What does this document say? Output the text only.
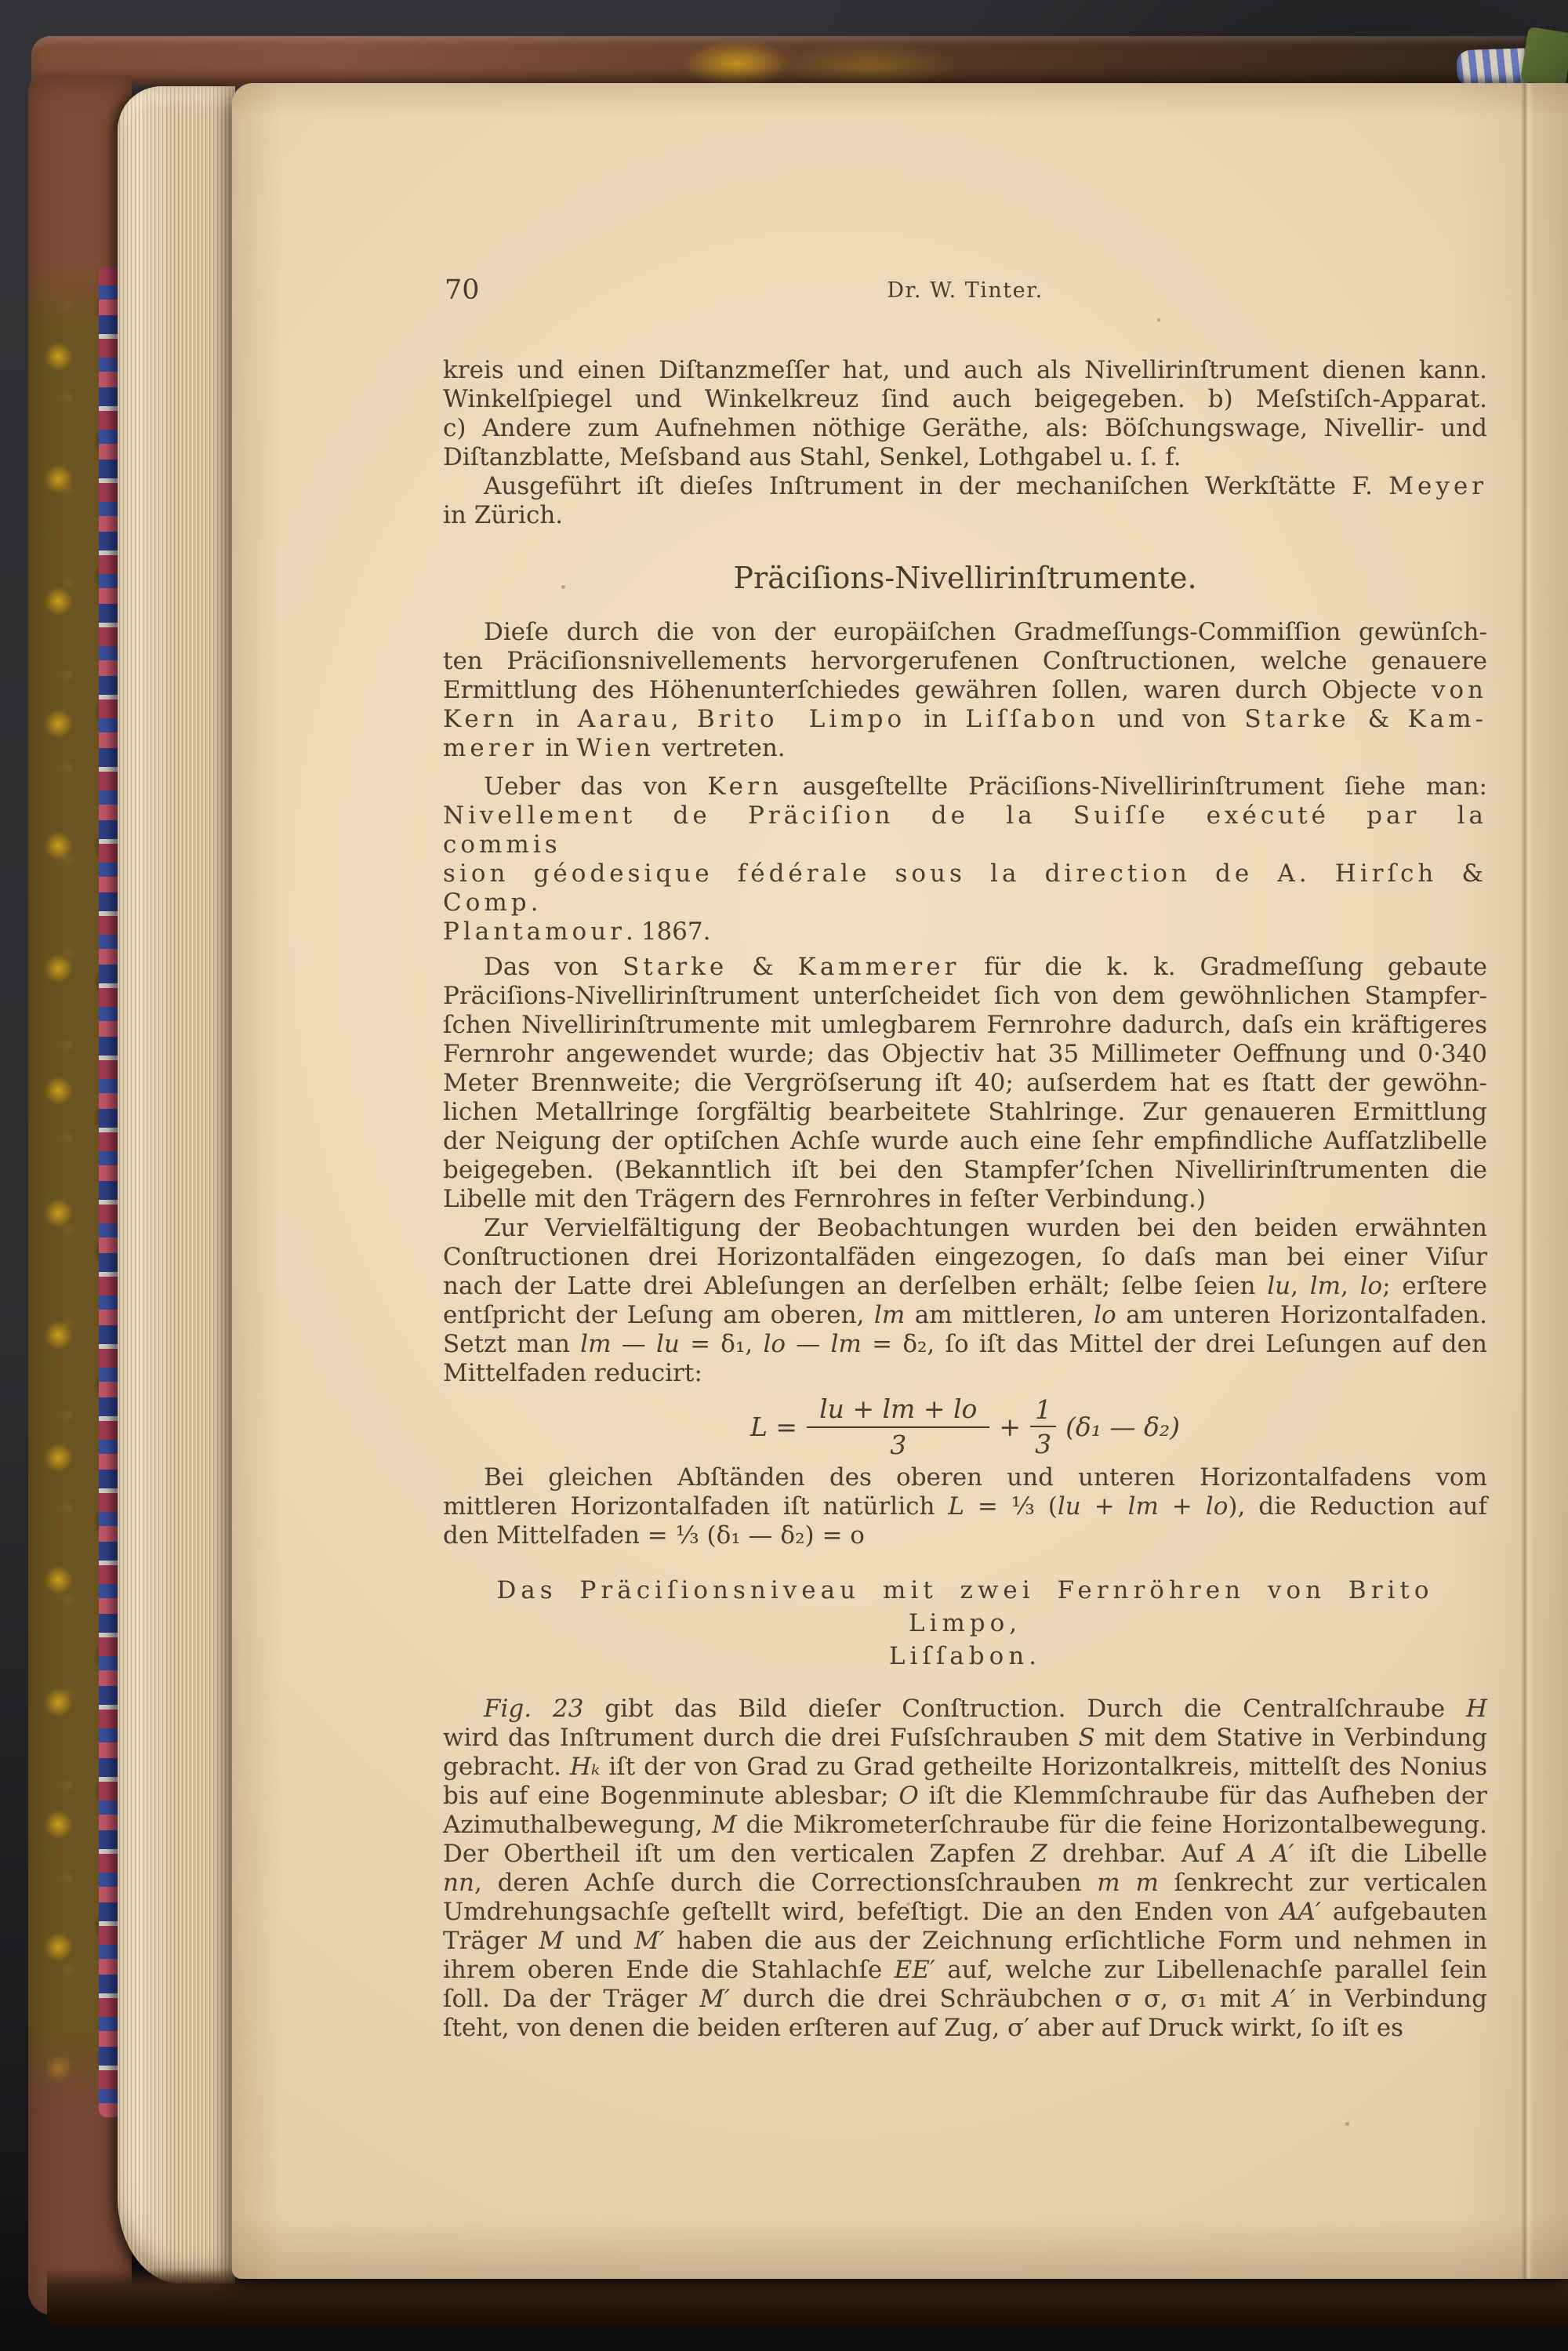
70	Dr. W. Tinter.
kreis und einen Diſtanzmeſſer hat, und auch als Nivellirinſtrument dienen kann.
Winkelſpiegel und Winkelkreuz ſind auch beigegeben. b) Meſstiſch-Apparat.
c) Andere zum Aufnehmen nöthige Geräthe, als: Böſchungswage, Nivellir- und
Diſtanzblatte, Meſsband aus Stahl, Senkel, Lothgabel u. ſ. f.
Ausgeführt iſt dieſes Inſtrument in der mechaniſchen Werkſtätte F. Meyer
in Zürich.
Präciſions-Nivellirinſtrumente.
Dieſe durch die von der europäiſchen Gradmeſſungs-Commiſſion gewünſch-
ten Präciſionsnivellements hervorgerufenen Conſtructionen, welche genauere
Ermittlung des Höhenunterſchiedes gewähren ſollen, waren durch Objecte von
Kern in Aarau, Brito Limpo in Liſſabon und von Starke & Kam-
merer in Wien vertreten.
Ueber das von Kern ausgeſtellte Präciſions-Nivellirinſtrument ſiehe man:
Nivellement de Präciſion de la Suiſſe exécuté par la commis
sion géodesique fédérale sous la direction de A. Hirſch & Comp.
Plantamour. 1867.
Das von Starke & Kammerer für die k. k. Gradmeſſung gebaute
Präciſions-Nivellirinſtrument unterſcheidet ſich von dem gewöhnlichen Stampfer-
ſchen Nivellirinſtrumente mit umlegbarem Fernrohre dadurch, daſs ein kräftigeres
Fernrohr angewendet wurde; das Objectiv hat 35 Millimeter Oeffnung und 0·340
Meter Brennweite; die Vergröſserung iſt 40; auſserdem hat es ſtatt der gewöhn-
lichen Metallringe ſorgfältig bearbeitete Stahlringe. Zur genaueren Ermittlung
der Neigung der optiſchen Achſe wurde auch eine ſehr empfindliche Aufſatzlibelle
beigegeben. (Bekanntlich iſt bei den Stampfer’ſchen Nivellirinſtrumenten die
Libelle mit den Trägern des Fernrohres in feſter Verbindung.)
Zur Vervielfältigung der Beobachtungen wurden bei den beiden erwähnten
Conſtructionen drei Horizontalfäden eingezogen, ſo daſs man bei einer Viſur
nach der Latte drei Ableſungen an derſelben erhält; ſelbe ſeien lu, lm, lo; erſtere
entſpricht der Leſung am oberen, lm am mittleren, lo am unteren Horizontalfaden.
Setzt man lm — lu = δ₁, lo — lm = δ₂, ſo iſt das Mittel der drei Leſungen auf den
Mittelfaden reducirt:
$L = \frac{lu + lm + lo}{3} + \frac{1}{3} (\delta_1$ — δ₂)
Bei gleichen Abſtänden des oberen und unteren Horizontalfadens vom
mittleren Horizontalfaden iſt natürlich L = ¹⁄₃ (lu + lm + lo), die Reduction auf
den Mittelfaden = ¹⁄₃ (δ₁ — δ₂) = o
Das Präciſionsniveau mit zwei Fernröhren von Brito Limpo,
Liſſabon.
Fig. 23 gibt das Bild dieſer Conſtruction. Durch die Centralſchraube H
wird das Inſtrument durch die drei Fuſsſchrauben S mit dem Stative in Verbindung
gebracht. Hₖ iſt der von Grad zu Grad getheilte Horizontalkreis, mittelſt des Nonius
bis auf eine Bogenminute ablesbar; O iſt die Klemmſchraube für das Aufheben der
Azimuthalbewegung, M die Mikrometerſchraube für die feine Horizontalbewegung.
Der Obertheil iſt um den verticalen Zapfen Z drehbar. Auf A A′ iſt die Libelle
nn, deren Achſe durch die Correctionsſchrauben m m ſenkrecht zur verticalen
Umdrehungsachſe geſtellt wird, befeſtigt. Die an den Enden von AA′ aufgebauten
Träger M und M′ haben die aus der Zeichnung erſichtliche Form und nehmen in
ihrem oberen Ende die Stahlachſe EE′ auf, welche zur Libellenachſe parallel ſein
ſoll. Da der Träger M′ durch die drei Schräubchen σ σ, σ₁ mit A′ in Verbindung
ſteht, von denen die beiden erſteren auf Zug, σ′ aber auf Druck wirkt, ſo iſt es
